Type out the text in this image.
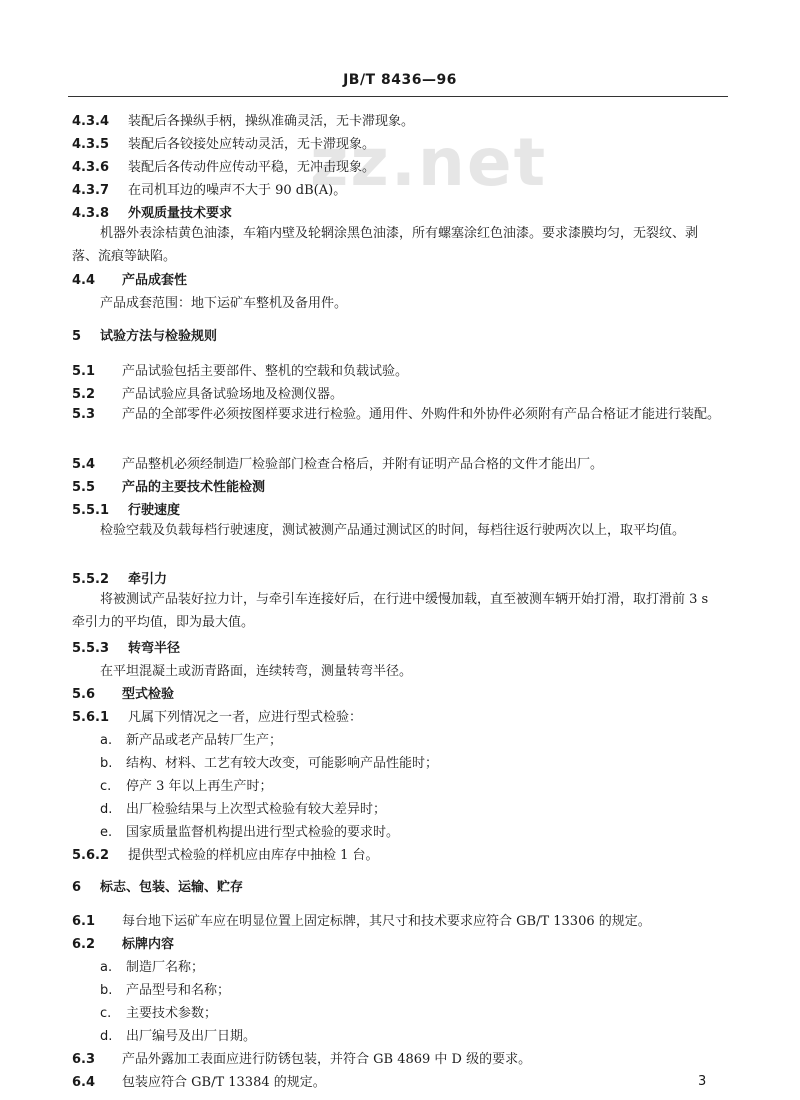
JB/T 8436—96
zz.net
4.3.4 装配后各操纵手柄，操纵准确灵活，无卡滞现象。
4.3.5 装配后各铰接处应转动灵活，无卡滞现象。
4.3.6 装配后各传动件应传动平稳，无冲击现象。
4.3.7 在司机耳边的噪声不大于 90 dB(A)。
4.3.8 外观质量技术要求
机器外表涂桔黄色油漆，车箱内壁及轮辋涂黑色油漆，所有螺塞涂红色油漆。要求漆膜均匀，无裂纹、剥落、流痕等缺陷。
4.4 产品成套性
产品成套范围：地下运矿车整机及备用件。
5 试验方法与检验规则
5.1 产品试验包括主要部件、整机的空载和负载试验。
5.2 产品试验应具备试验场地及检测仪器。
5.3 产品的全部零件必须按图样要求进行检验。通用件、外购件和外协件必须附有产品合格证才能进行装配。
5.4 产品整机必须经制造厂检验部门检查合格后，并附有证明产品合格的文件才能出厂。
5.5 产品的主要技术性能检测
5.5.1 行驶速度
检验空载及负载每档行驶速度，测试被测产品通过测试区的时间，每档往返行驶两次以上，取平均值。
5.5.2 牵引力
将被测试产品装好拉力计，与牵引车连接好后，在行进中缓慢加载，直至被测车辆开始打滑，取打滑前 3 s 牵引力的平均值，即为最大值。
5.5.3 转弯半径
在平坦混凝土或沥青路面，连续转弯，测量转弯半径。
5.6 型式检验
5.6.1 凡属下列情况之一者，应进行型式检验：
a. 新产品或老产品转厂生产；
b. 结构、材料、工艺有较大改变，可能影响产品性能时；
c. 停产 3 年以上再生产时；
d. 出厂检验结果与上次型式检验有较大差异时；
e. 国家质量监督机构提出进行型式检验的要求时。
5.6.2 提供型式检验的样机应由库存中抽检 1 台。
6 标志、包装、运输、贮存
6.1 每台地下运矿车应在明显位置上固定标牌，其尺寸和技术要求应符合 GB/T 13306 的规定。
6.2 标牌内容
a. 制造厂名称；
b. 产品型号和名称；
c. 主要技术参数；
d. 出厂编号及出厂日期。
6.3 产品外露加工表面应进行防锈包装，并符合 GB 4869 中 D 级的要求。
6.4 包装应符合 GB/T 13384 的规定。	3
